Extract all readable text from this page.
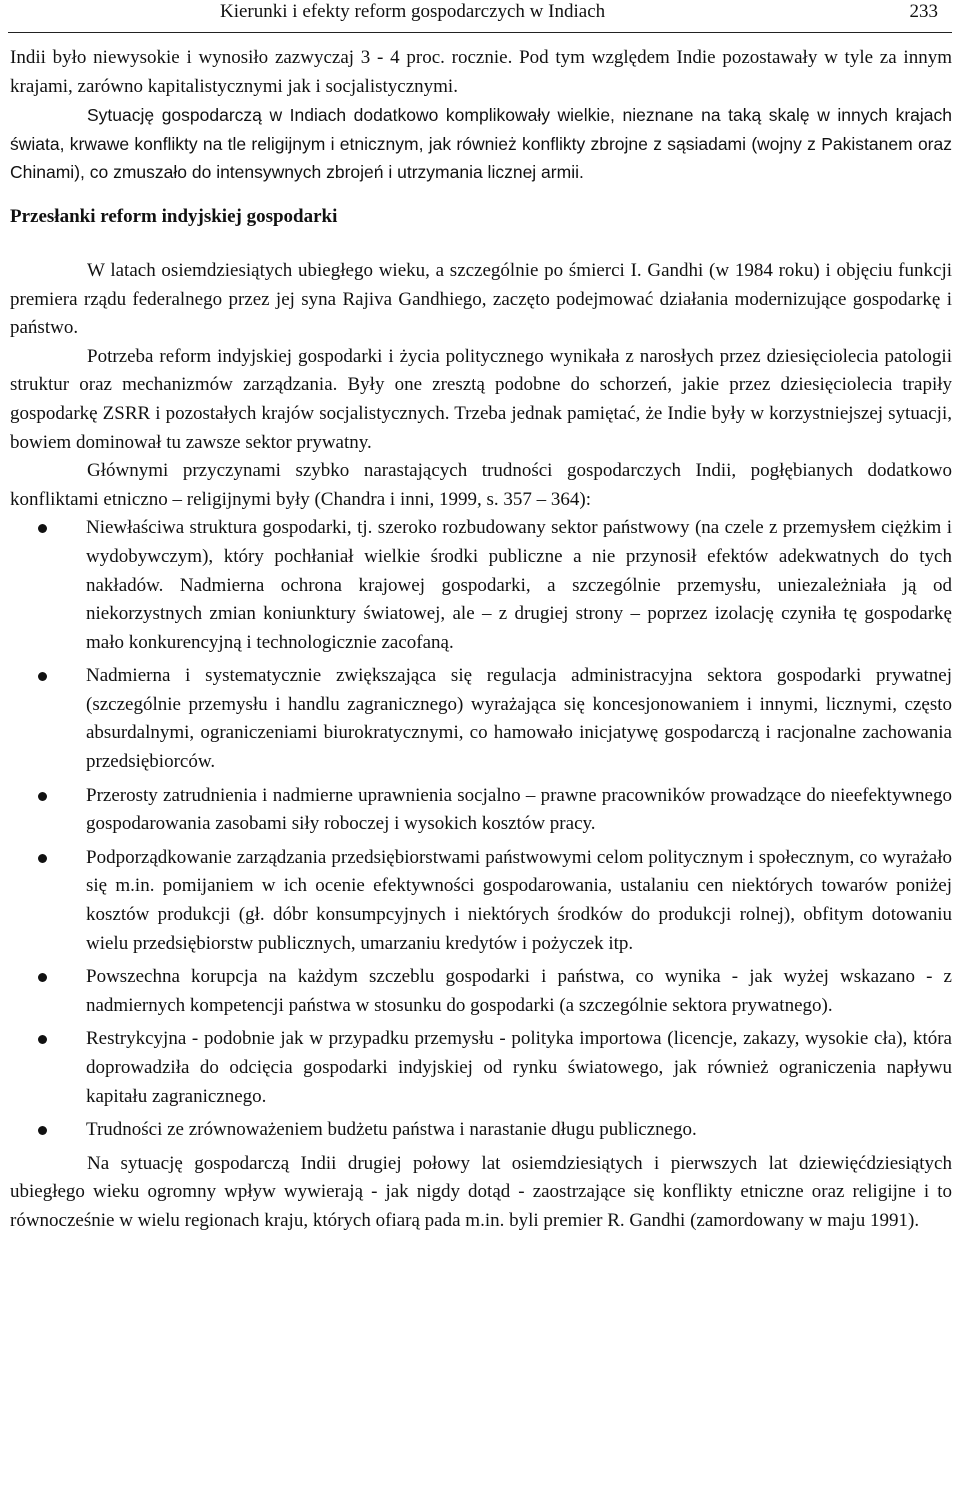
Kierunki i efekty reform gospodarczych w Indiach	233

Indii było niewysokie i wynosiło zazwyczaj 3 - 4 proc. rocznie. Pod tym względem Indie pozostawały w tyle za innym krajami, zarówno kapitalistycznymi jak i socjalistycznymi.

Sytuację gospodarczą w Indiach dodatkowo komplikowały wielkie, nieznane na taką skalę w innych krajach świata, krwawe konflikty na tle religijnym i etnicznym, jak również konflikty zbrojne z sąsiadami (wojny z Pakistanem oraz Chinami), co zmuszało do intensywnych zbrojeń i utrzymania licznej armii.

Przesłanki reform indyjskiej gospodarki

W latach osiemdziesiątych ubiegłego wieku, a szczególnie po śmierci I. Gandhi (w 1984 roku) i objęciu funkcji premiera rządu federalnego przez jej syna Rajiva Gandhiego, zaczęto podejmować działania modernizujące gospodarkę i państwo.

Potrzeba reform indyjskiej gospodarki i życia politycznego wynikała z narosłych przez dziesięciolecia patologii struktur oraz mechanizmów zarządzania. Były one zresztą podobne do schorzeń, jakie przez dziesięciolecia trapiły gospodarkę ZSRR i pozostałych krajów socjalistycznych. Trzeba jednak pamiętać, że Indie były w korzystniejszej sytuacji, bowiem dominował tu zawsze sektor prywatny.

Głównymi przyczynami szybko narastających trudności gospodarczych Indii, pogłębianych dodatkowo konfliktami etniczno – religijnymi były (Chandra i inni, 1999, s. 357 – 364):

Niewłaściwa struktura gospodarki, tj. szeroko rozbudowany sektor państwowy (na czele z przemysłem ciężkim i wydobywczym), który pochłaniał wielkie środki publiczne a nie przynosił efektów adekwatnych do tych nakładów. Nadmierna ochrona krajowej gospodarki, a szczególnie przemysłu, uniezależniała ją od niekorzystnych zmian koniunktury światowej, ale – z drugiej strony – poprzez izolację czyniła tę gospodarkę mało konkurencyjną i technologicznie zacofaną.
Nadmierna i systematycznie zwiększająca się regulacja administracyjna sektora gospodarki prywatnej (szczególnie przemysłu i handlu zagranicznego) wyrażająca się koncesjonowaniem i innymi, licznymi, często absurdalnymi, ograniczeniami biurokratycznymi, co hamowało inicjatywę gospodarczą i racjonalne zachowania przedsiębiorców.
Przerosty zatrudnienia i nadmierne uprawnienia socjalno – prawne pracowników prowadzące do nieefektywnego gospodarowania zasobami siły roboczej i wysokich kosztów pracy.
Podporządkowanie zarządzania przedsiębiorstwami państwowymi celom politycznym i społecznym, co wyrażało się m.in. pomijaniem w ich ocenie efektywności gospodarowania, ustalaniu cen niektórych towarów poniżej kosztów produkcji (gł. dóbr konsumpcyjnych i niektórych środków do produkcji rolnej), obfitym dotowaniu wielu przedsiębiorstw publicznych, umarzaniu kredytów i pożyczek itp.
Powszechna korupcja na każdym szczeblu gospodarki i państwa, co wynika - jak wyżej wskazano - z nadmiernych kompetencji państwa w stosunku do gospodarki (a szczególnie sektora prywatnego).
Restrykcyjna - podobnie jak w przypadku przemysłu - polityka importowa (licencje, zakazy, wysokie cła), która doprowadziła do odcięcia gospodarki indyjskiej od rynku światowego, jak również ograniczenia napływu kapitału zagranicznego.
Trudności ze zrównoważeniem budżetu państwa i narastanie długu publicznego.

Na sytuację gospodarczą Indii drugiej połowy lat osiemdziesiątych i pierwszych lat dziewięćdziesiątych ubiegłego wieku ogromny wpływ wywierają - jak nigdy dotąd - zaostrzające się konflikty etniczne oraz religijne i to równocześnie w wielu regionach kraju, których ofiarą pada m.in. byli premier R. Gandhi (zamordowany w maju 1991).
